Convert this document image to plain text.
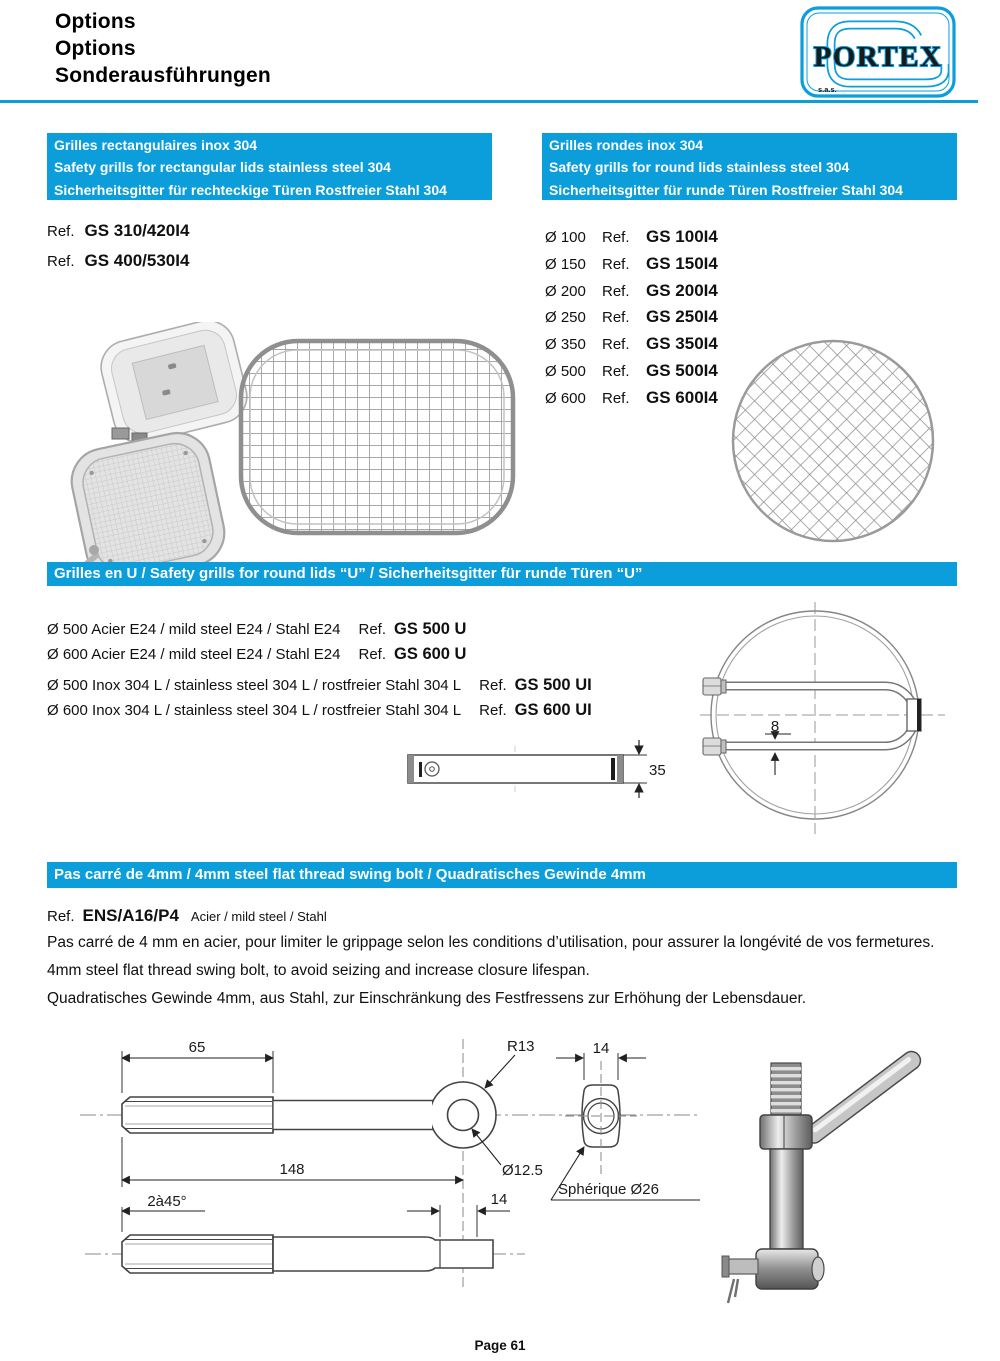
Options
Options
Sonderausführungen
PORTEX
s.a.s.
Grilles rectangulaires inox 304
Safety grills for rectangular lids stainless steel 304
Sicherheitsgitter für rechteckige Türen Rostfreier Stahl 304
Grilles rondes inox 304
Safety grills for round lids stainless steel 304
Sicherheitsgitter für runde Türen Rostfreier Stahl 304
Ref. GS 310/420I4
Ref. GS 400/530I4
Ø 100	Ref. GS 100I4
Ø 150	Ref. GS 150I4
Ø 200	Ref. GS 200I4
Ø 250	Ref. GS 250I4
Ø 350	Ref. GS 350I4
Ø 500	Ref. GS 500I4
Ø 600	Ref. GS 600I4
Grilles en U / Safety grills for round lids “U” / Sicherheitsgitter für runde Türen “U”
Ø 500 Acier E24 / mild steel E24 / Stahl E24 Ref. GS 500 U
Ø 600 Acier E24 / mild steel E24 / Stahl E24 Ref. GS 600 U
Ø 500 Inox 304 L / stainless steel 304 L / rostfreier Stahl 304 L Ref. GS 500 UI
Ø 600 Inox 304 L / stainless steel 304 L / rostfreier Stahl 304 L Ref. GS 600 UI
35
8
Pas carré de 4mm / 4mm steel flat thread swing bolt / Quadratisches Gewinde 4mm
Ref. ENS/A16/P4 Acier / mild steel / Stahl

Pas carré de 4 mm en acier, pour limiter le grippage selon les conditions d’utilisation, pour assurer la longévité de vos fermetures.

4mm steel flat thread swing bolt, to avoid seizing and increase closure lifespan.

Quadratisches Gewinde 4mm, aus Stahl, zur Einschränkung des Festfressens zur Erhöhung der Lebensdauer.

65
148
R13
Ø12.5
14
Sphérique Ø26
2à45°	14
Page 61
